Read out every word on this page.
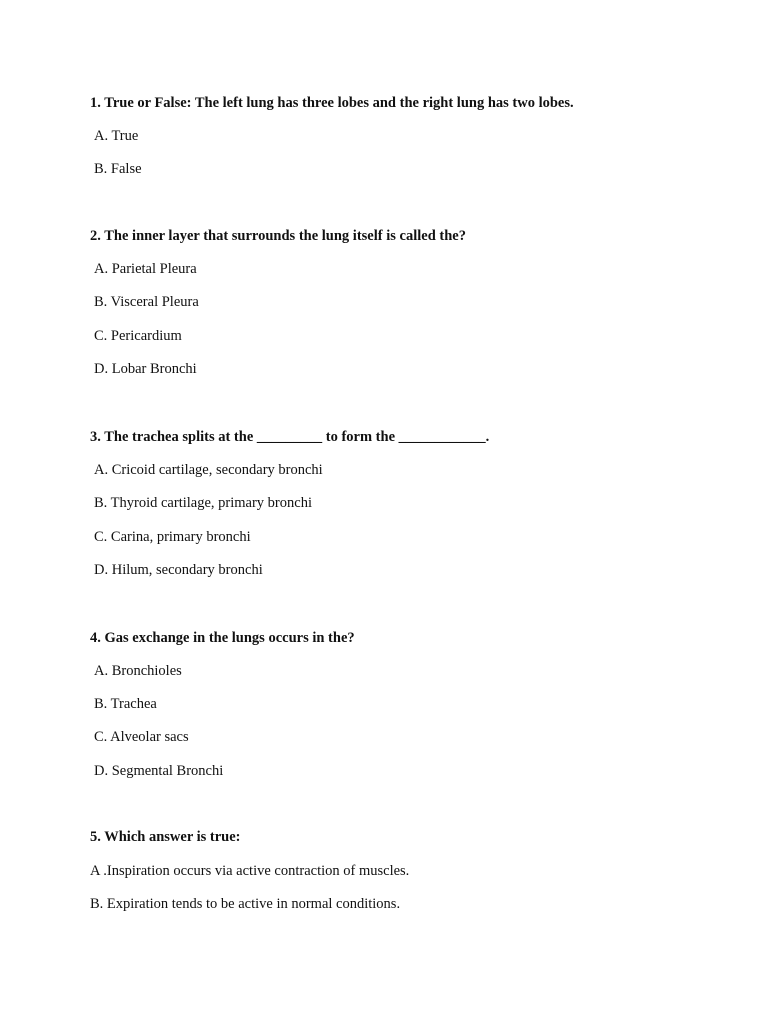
1. True or False: The left lung has three lobes and the right lung has two lobes.
A. True
B. False
2. The inner layer that surrounds the lung itself is called the?
A. Parietal Pleura
B. Visceral Pleura
C. Pericardium
D. Lobar Bronchi
3. The trachea splits at the _________ to form the ____________.
A. Cricoid cartilage, secondary bronchi
B. Thyroid cartilage, primary bronchi
C. Carina, primary bronchi
D. Hilum, secondary bronchi
4. Gas exchange in the lungs occurs in the?
A. Bronchioles
B. Trachea
C. Alveolar sacs
D. Segmental Bronchi
5. Which answer is true:
A .Inspiration occurs via active contraction of muscles.
B. Expiration tends to be active in normal conditions.
